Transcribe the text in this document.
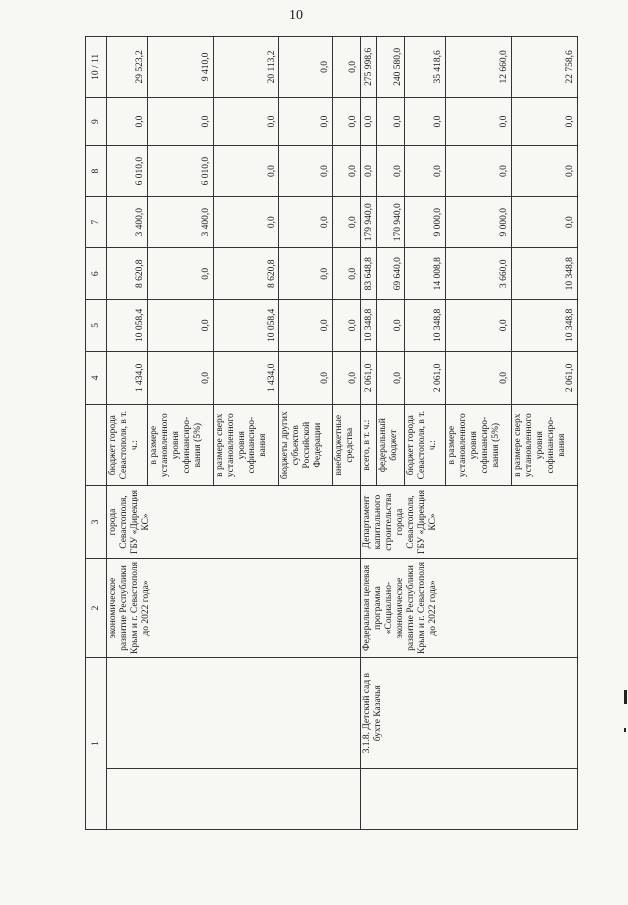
10
1		2	3		4	5	6	7	8	9	10 / 11
		экономическое развитие Республики Крым и г. Севастополя до 2022 года»	города Севастополя, ГБУ «Дирекция КС»	бюджет города Севастополя, в т. ч.:	1 434,0	10 058,4	8 620,8	3 400,0	6 010,0	0,0	29 523,2
				в размере установленного уровня софинансиро-вания (5%)	0,0	0,0	0,0	3 400,0	6 010,0	0,0	9 410,0
				в размере сверх установленного уровня софинансиро-вания	1 434,0	10 058,4	8 620,8	0,0	0,0	0,0	20 113,2
				бюджеты других субъектов Российской Федерации	0,0	0,0	0,0	0,0	0,0	0,0	0,0
				внебюджетные средства	0,0	0,0	0,0	0,0	0,0	0,0	0,0
	3.1.8. Детский сад в бухте Казачья	Федеральная целевая программа «Социально-экономическое развитие Республики Крым и г. Севастополя до 2022 года»	Департамент капитального строительства города Севастополя, ГБУ «Дирекция КС»	всего, в т. ч.:	2 061,0	10 348,8	83 648,8	179 940,0	0,0	0,0	275 998,6
				федеральный бюджет	0,0	0,0	69 640,0	170 940,0	0,0	0,0	240 580,0
				бюджет города Севастополя, в т. ч.:	2 061,0	10 348,8	14 008,8	9 000,0	0,0	0,0	35 418,6
				в размере установленного уровня софинансиро-вания (5%)	0,0	0,0	3 660,0	9 000,0	0,0	0,0	12 660,0
				в размере сверх установленного уровня софинансиро-вания	2 061,0	10 348,8	10 348,8	0,0	0,0	0,0	22 758,6
